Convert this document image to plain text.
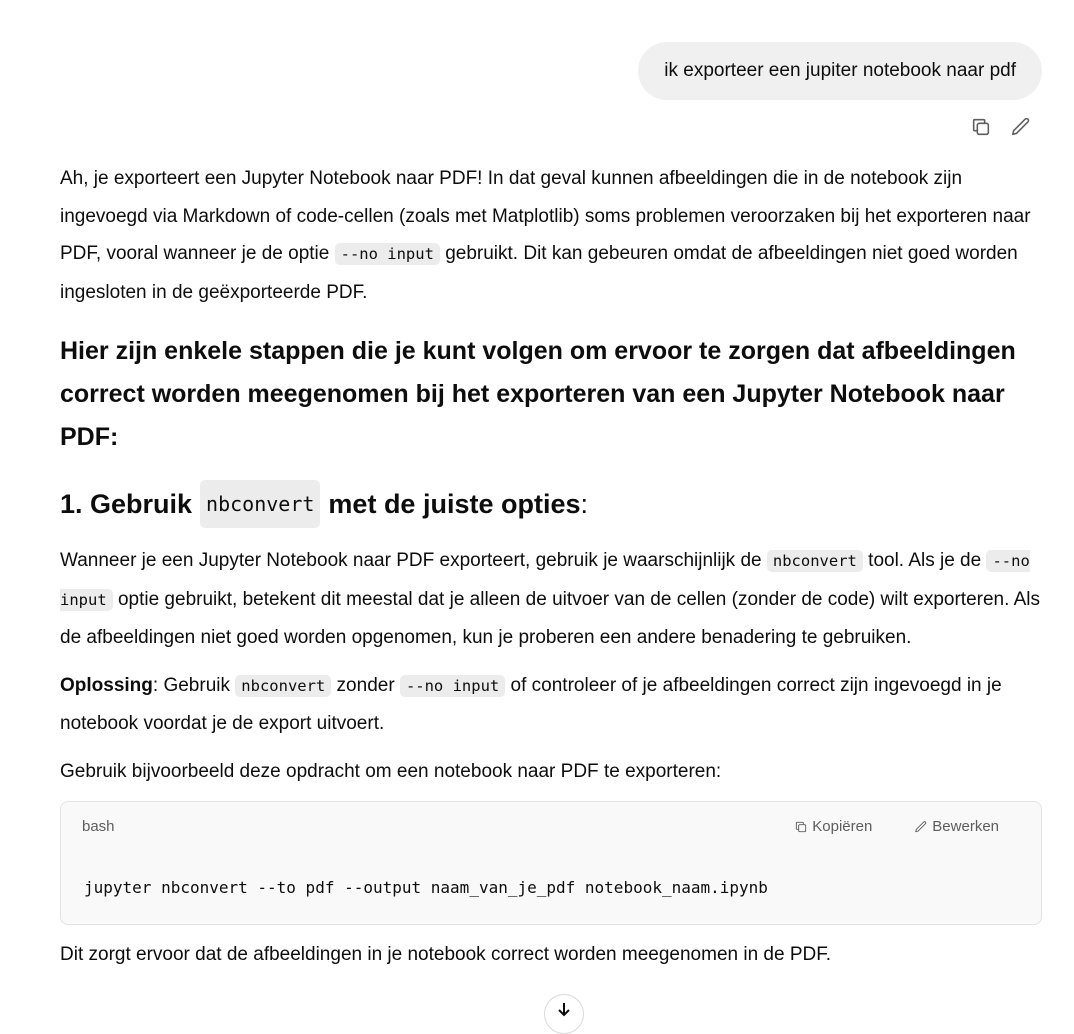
ik exporteer een jupiter notebook naar pdf

Ah, je exporteert een Jupyter Notebook naar PDF! In dat geval kunnen afbeeldingen die in de notebook zijn ingevoegd via Markdown of code-cellen (zoals met Matplotlib) soms problemen veroorzaken bij het exporteren naar PDF, vooral wanneer je de optie --no input gebruikt. Dit kan gebeuren omdat de afbeeldingen niet goed worden ingesloten in de geëxporteerde PDF.

Hier zijn enkele stappen die je kunt volgen om ervoor te zorgen dat afbeeldingen correct worden meegenomen bij het exporteren van een Jupyter Notebook naar PDF:
1. Gebruik nbconvert met de juiste opties :

Wanneer je een Jupyter Notebook naar PDF exporteert, gebruik je waarschijnlijk de nbconvert tool. Als je de --no input optie gebruikt, betekent dit meestal dat je alleen de uitvoer van de cellen (zonder de code) wilt exporteren. Als de afbeeldingen niet goed worden opgenomen, kun je proberen een andere benadering te gebruiken.

Oplossing: Gebruik nbconvert zonder --no input of controleer of je afbeeldingen correct zijn ingevoegd in je notebook voordat je de export uitvoert.

Gebruik bijvoorbeeld deze opdracht om een notebook naar PDF te exporteren:

bash	Kopiëren	Bewerken
jupyter nbconvert --to pdf --output naam_van_je_pdf notebook_naam.ipynb

Dit zorgt ervoor dat de afbeeldingen in je notebook correct worden meegenomen in de PDF.
